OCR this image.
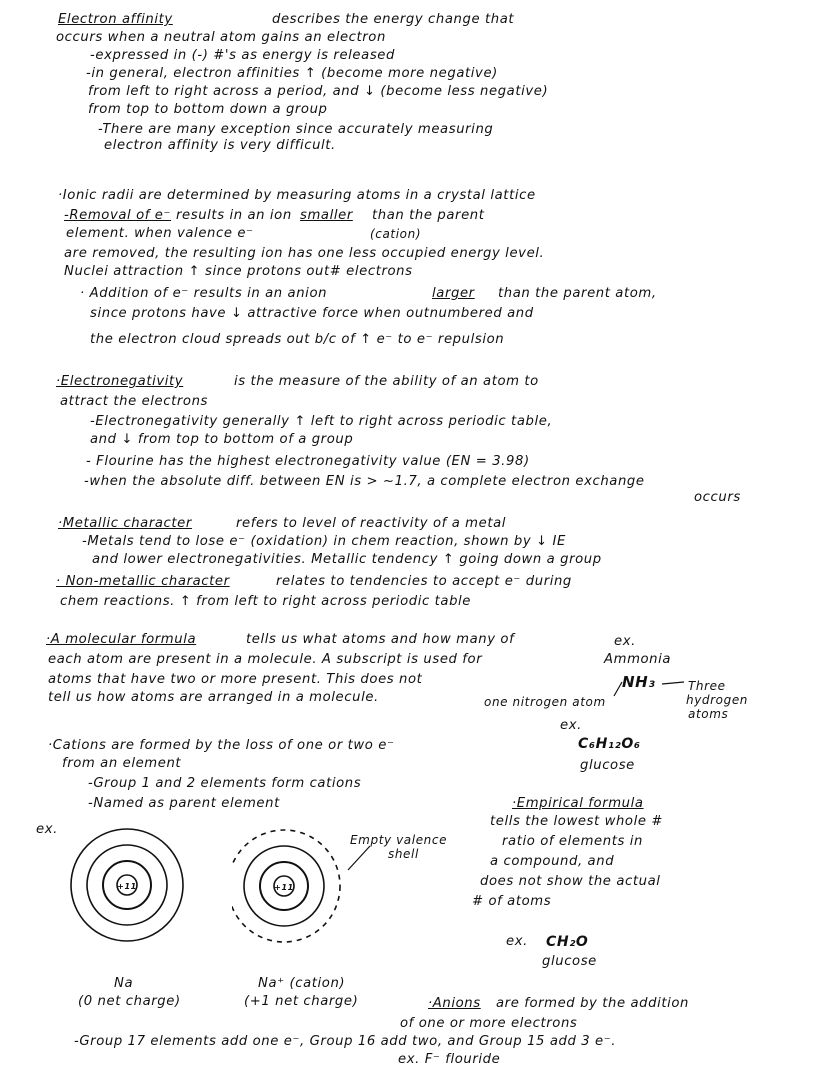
Electron affinity	describes the energy change that
occurs when a neutral atom gains an electron
-expressed in (-) #'s as energy is released
-in general, electron affinities ↑ (become more negative)
from left to right across a period, and ↓ (become less negative)
from top to bottom down a group
-There are many exception since accurately measuring
electron affinity is very difficult.
·Ionic radii are determined by measuring atoms in a crystal lattice
-Removal of e⁻ results in an ion smaller than the parent
element. when valence e⁻	(cation)
are removed, the resulting ion has one less occupied energy level.
Nuclei attraction ↑ since protons out# electrons
· Addition of e⁻ results in an anion	larger than the parent atom,
since protons have ↓ attractive force when outnumbered and
the electron cloud spreads out b/c of ↑ e⁻ to e⁻ repulsion
·Electronegativity	is the measure of the ability of an atom to
attract the electrons
-Electronegativity generally ↑ left to right across periodic table,
and ↓ from top to bottom of a group
- Flourine has the highest electronegativity value (EN = 3.98)
-when the absolute diff. between EN is > ~1.7, a complete electron exchange
occurs
·Metallic character	refers to level of reactivity of a metal
-Metals tend to lose e⁻ (oxidation) in chem reaction, shown by ↓ IE
and lower electronegativities. Metallic tendency ↑ going down a group
· Non-metallic character	relates to tendencies to accept e⁻ during
chem reactions. ↑ from left to right across periodic table
·A molecular formula	tells us what atoms and how many of
each atom are present in a molecule. A subscript is used for
atoms that have two or more present. This does not
tell us how atoms are arranged in a molecule.
ex.
Ammonia
NH₃
one nitrogen atom
Three
hydrogen
atoms
·Cations are formed by the loss of one or two e⁻
from an element
-Group 1 and 2 elements form cations
-Named as parent element
ex.
C₆H₁₂O₆
glucose
·Empirical formula
tells the lowest whole #
ratio of elements in
a compound, and
does not show the actual
# of atoms
ex. CH₂O
glucose
ex.
+11	+11
Empty valence
shell
Na
(0 net charge)
Na⁺ (cation)
(+1 net charge)	·Anions are formed by the addition
of one or more electrons
-Group 17 elements add one e⁻, Group 16 add two, and Group 15 add 3 e⁻.
ex. F⁻ flouride
